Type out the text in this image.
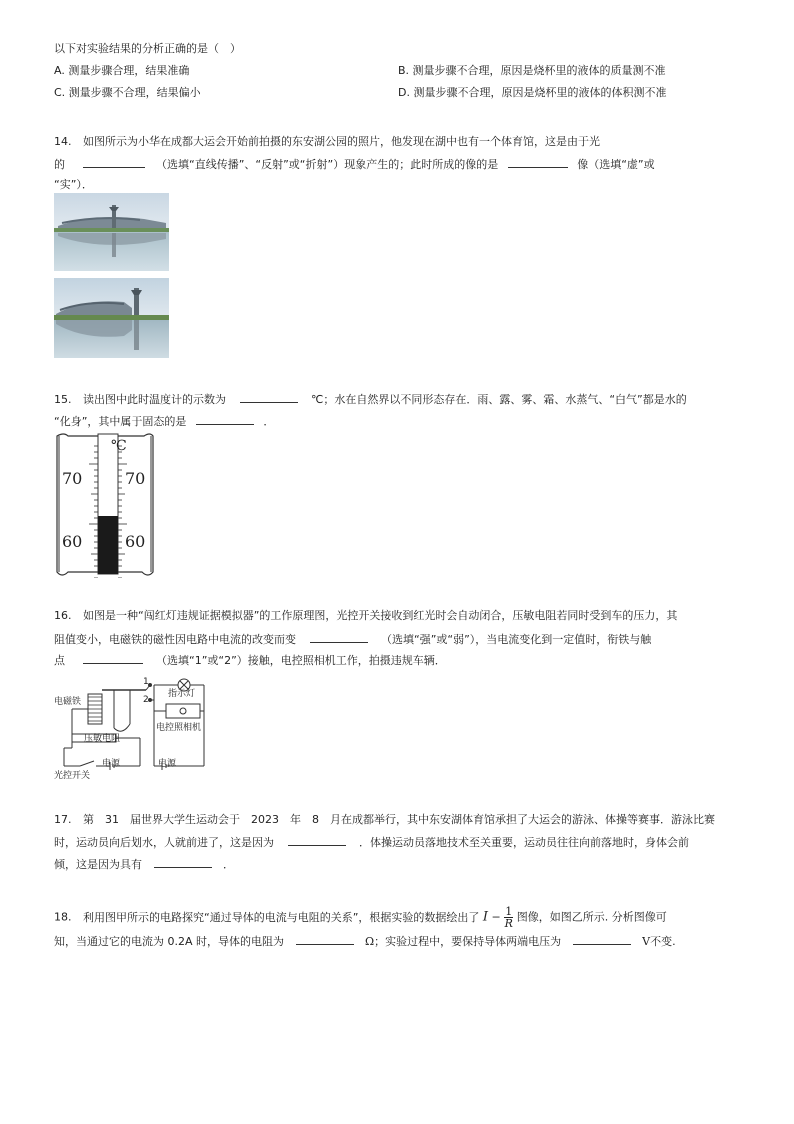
以下对实验结果的分析正确的是（　）
A. 测量步骤合理，结果准确	B. 测量步骤不合理，原因是烧杯里的液体的质量测不准
C. 测量步骤不合理，结果偏小	D. 测量步骤不合理，原因是烧杯里的液体的体积测不准
14. 如图所示为小华在成都大运会开始前拍摄的东安湖公园的照片，他发现在湖中也有一个体育馆，这是由于光
的	（选填“直线传播”、“反射”或“折射”）现象产生的；此时所成的像的是	像（选填“虚”或
“实”）．
15. 读出图中此时温度计的示数为	℃；水在自然界以不同形态存在．雨、露、雾、霜、水蒸气、“白气”都是水的
“化身”，其中属于固态的是	．
℃
70	70
60	60
16. 如图是一种“闯红灯违规证据模拟器”的工作原理图，光控开关接收到红光时会自动闭合，压敏电阻若同时受到车的压力，其
阻值变小，电磁铁的磁性因电路中电流的改变而变	（选填“强”或“弱”），当电流变化到一定值时，衔铁与触
点	（选填“1”或“2”）接触，电控照相机工作，拍摄违规车辆．
电磁铁
压敏电阻
光控开关
电源	电源
指示灯
电控照相机
1
2
17. 第　31　届世界大学生运动会于　2023　年　8　月在成都举行，其中东安湖体育馆承担了大运会的游泳、体操等赛事．游泳比赛
时，运动员向后划水，人就前进了，这是因为	．体操运动员落地技术至关重要，运动员往往向前落地时，身体会前
倾，这是因为具有	．
18. 利用图甲所示的电路探究“通过导体的电流与电阻的关系”，根据实验的数据绘出了 $I - \frac{1}{R}$ 图像，如图乙所示. 分析图像可
知，当通过它的电流为 0.2A 时，导体的电阻为	Ω；实验过程中，要保持导体两端电压为	V不变.
